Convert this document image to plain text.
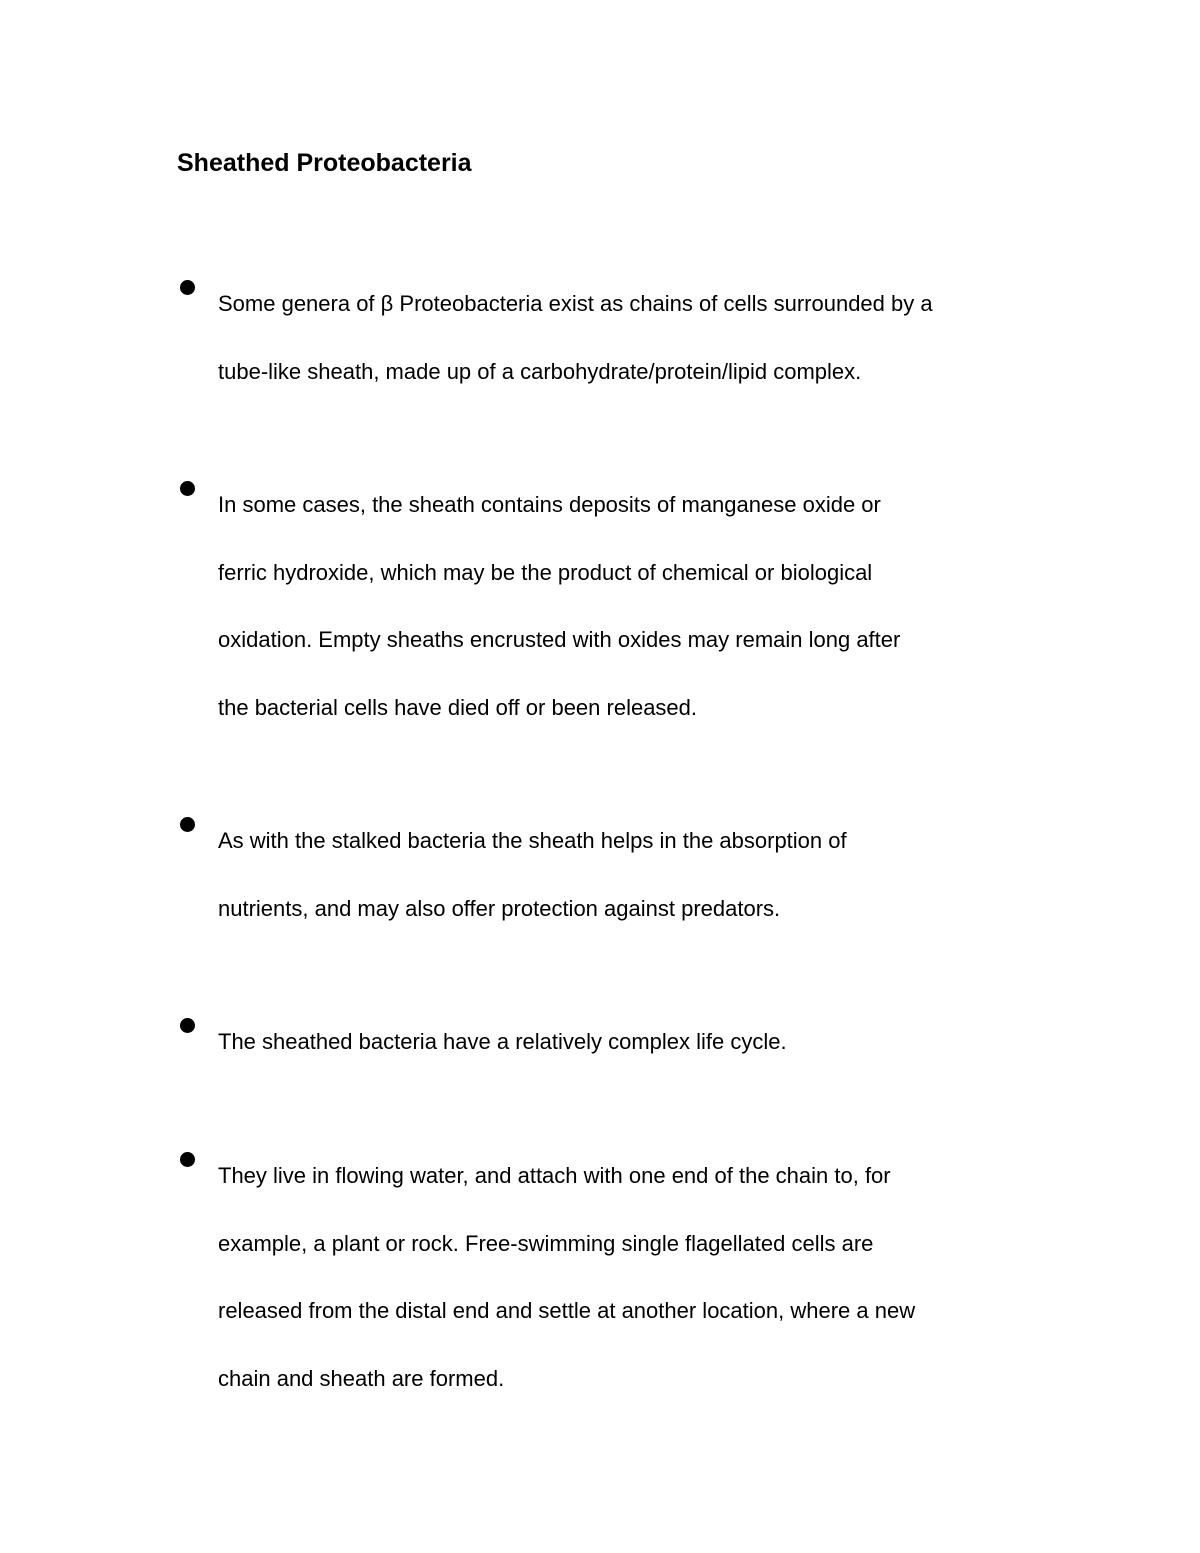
Sheathed Proteobacteria

Some genera of β Proteobacteria exist as chains of cells surrounded by a
tube-like sheath, made up of a carbohydrate/protein/lipid complex.

In some cases, the sheath contains deposits of manganese oxide or
ferric hydroxide, which may be the product of chemical or biological
oxidation. Empty sheaths encrusted with oxides may remain long after
the bacterial cells have died off or been released.

As with the stalked bacteria the sheath helps in the absorption of
nutrients, and may also offer protection against predators.

The sheathed bacteria have a relatively complex life cycle.

They live in flowing water, and attach with one end of the chain to, for
example, a plant or rock. Free-swimming single flagellated cells are
released from the distal end and settle at another location, where a new
chain and sheath are formed.
